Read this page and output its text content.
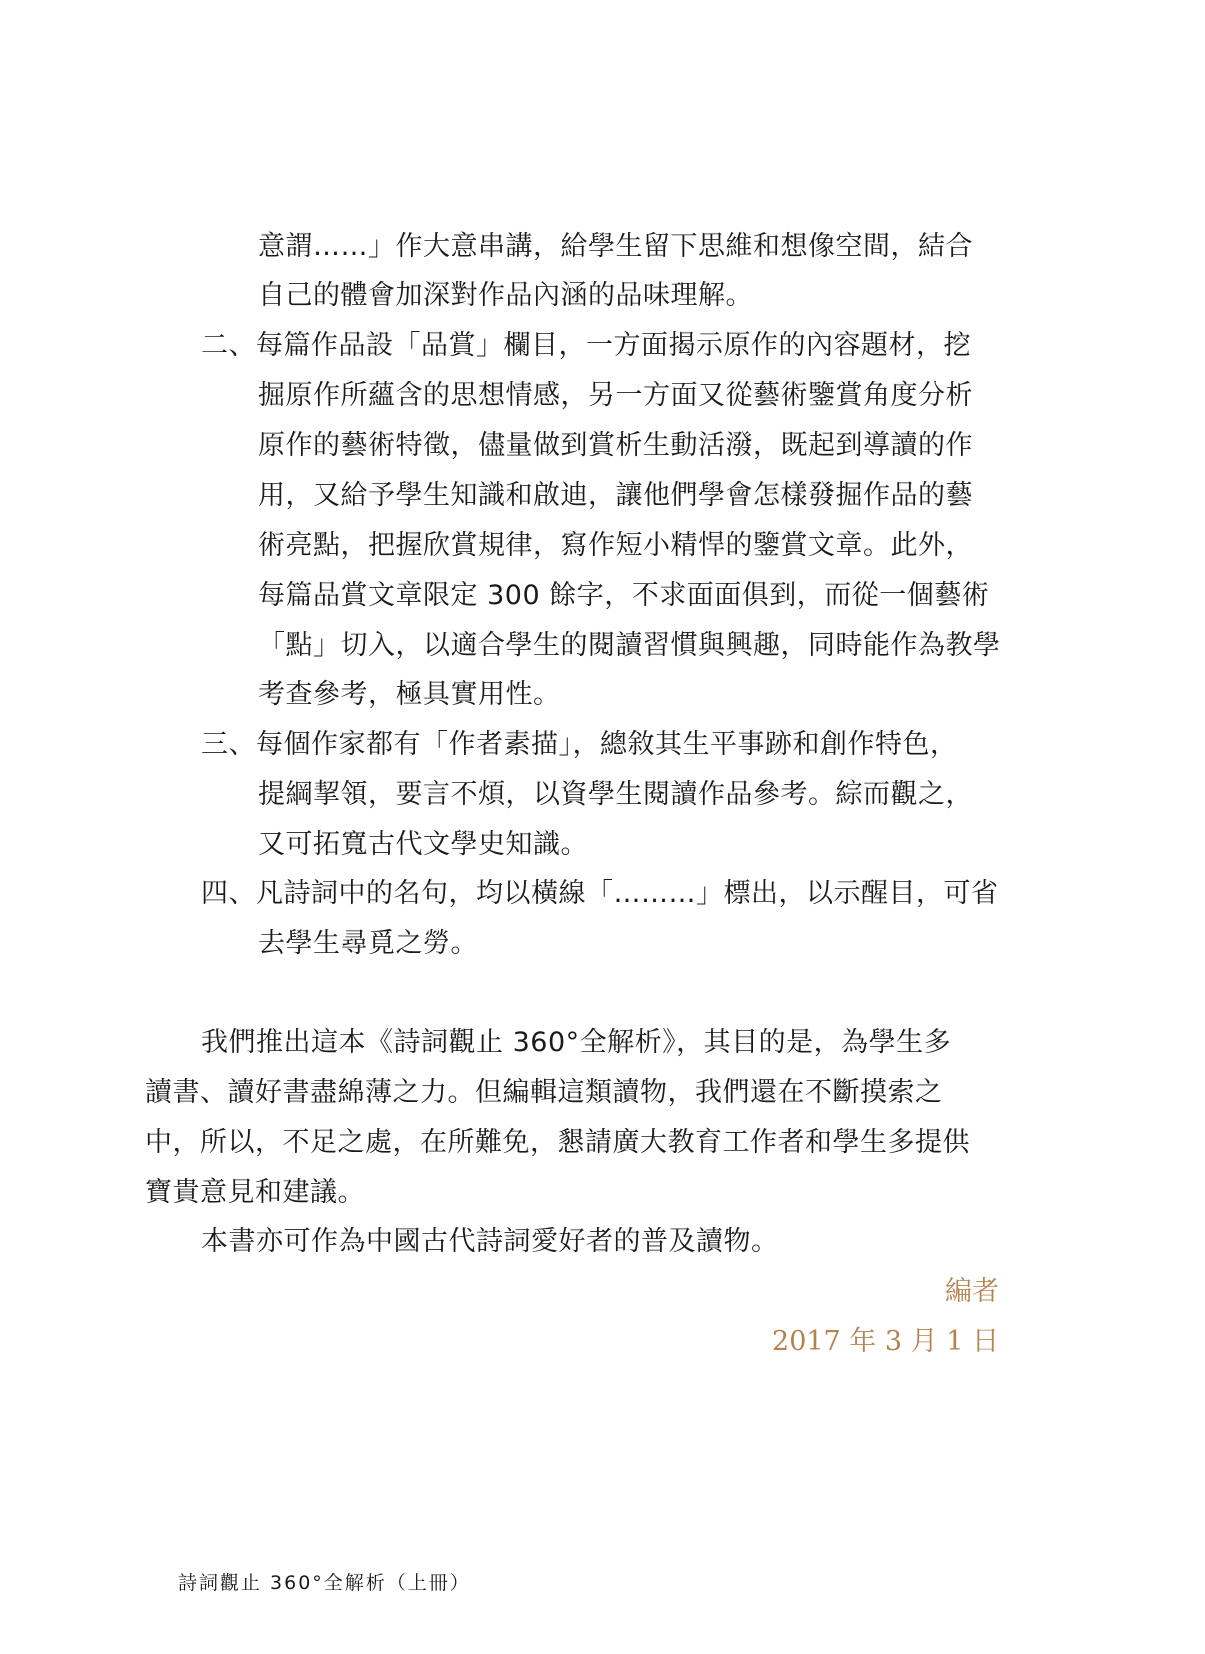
意謂……」作大意串講，給學生留下思維和想像空間，結合
自己的體會加深對作品內涵的品味理解。
二、每篇作品設「品賞」欄目，一方面揭示原作的內容題材，挖
掘原作所蘊含的思想情感，另一方面又從藝術鑒賞角度分析
原作的藝術特徵，儘量做到賞析生動活潑，既起到導讀的作
用，又給予學生知識和啟迪，讓他們學會怎樣發掘作品的藝
術亮點，把握欣賞規律，寫作短小精悍的鑒賞文章。此外，
每篇品賞文章限定 300 餘字，不求面面俱到，而從一個藝術
「點」切入，以適合學生的閱讀習慣與興趣，同時能作為教學
考查參考，極具實用性。
三、每個作家都有「作者素描」，總敘其生平事跡和創作特色，
提綱挈領，要言不煩，以資學生閱讀作品參考。綜而觀之，
又可拓寬古代文學史知識。
四、凡詩詞中的名句，均以橫線「………」標出，以示醒目，可省
去學生尋覓之勞。
我們推出這本《詩詞觀止 360°全解析》，其目的是，為學生多
讀書、讀好書盡綿薄之力。但編輯這類讀物，我們還在不斷摸索之
中，所以，不足之處，在所難免，懇請廣大教育工作者和學生多提供
寶貴意見和建議。
本書亦可作為中國古代詩詞愛好者的普及讀物。
編者
2017 年 3 月 1 日
詩詞觀止 360°全解析（上冊）
